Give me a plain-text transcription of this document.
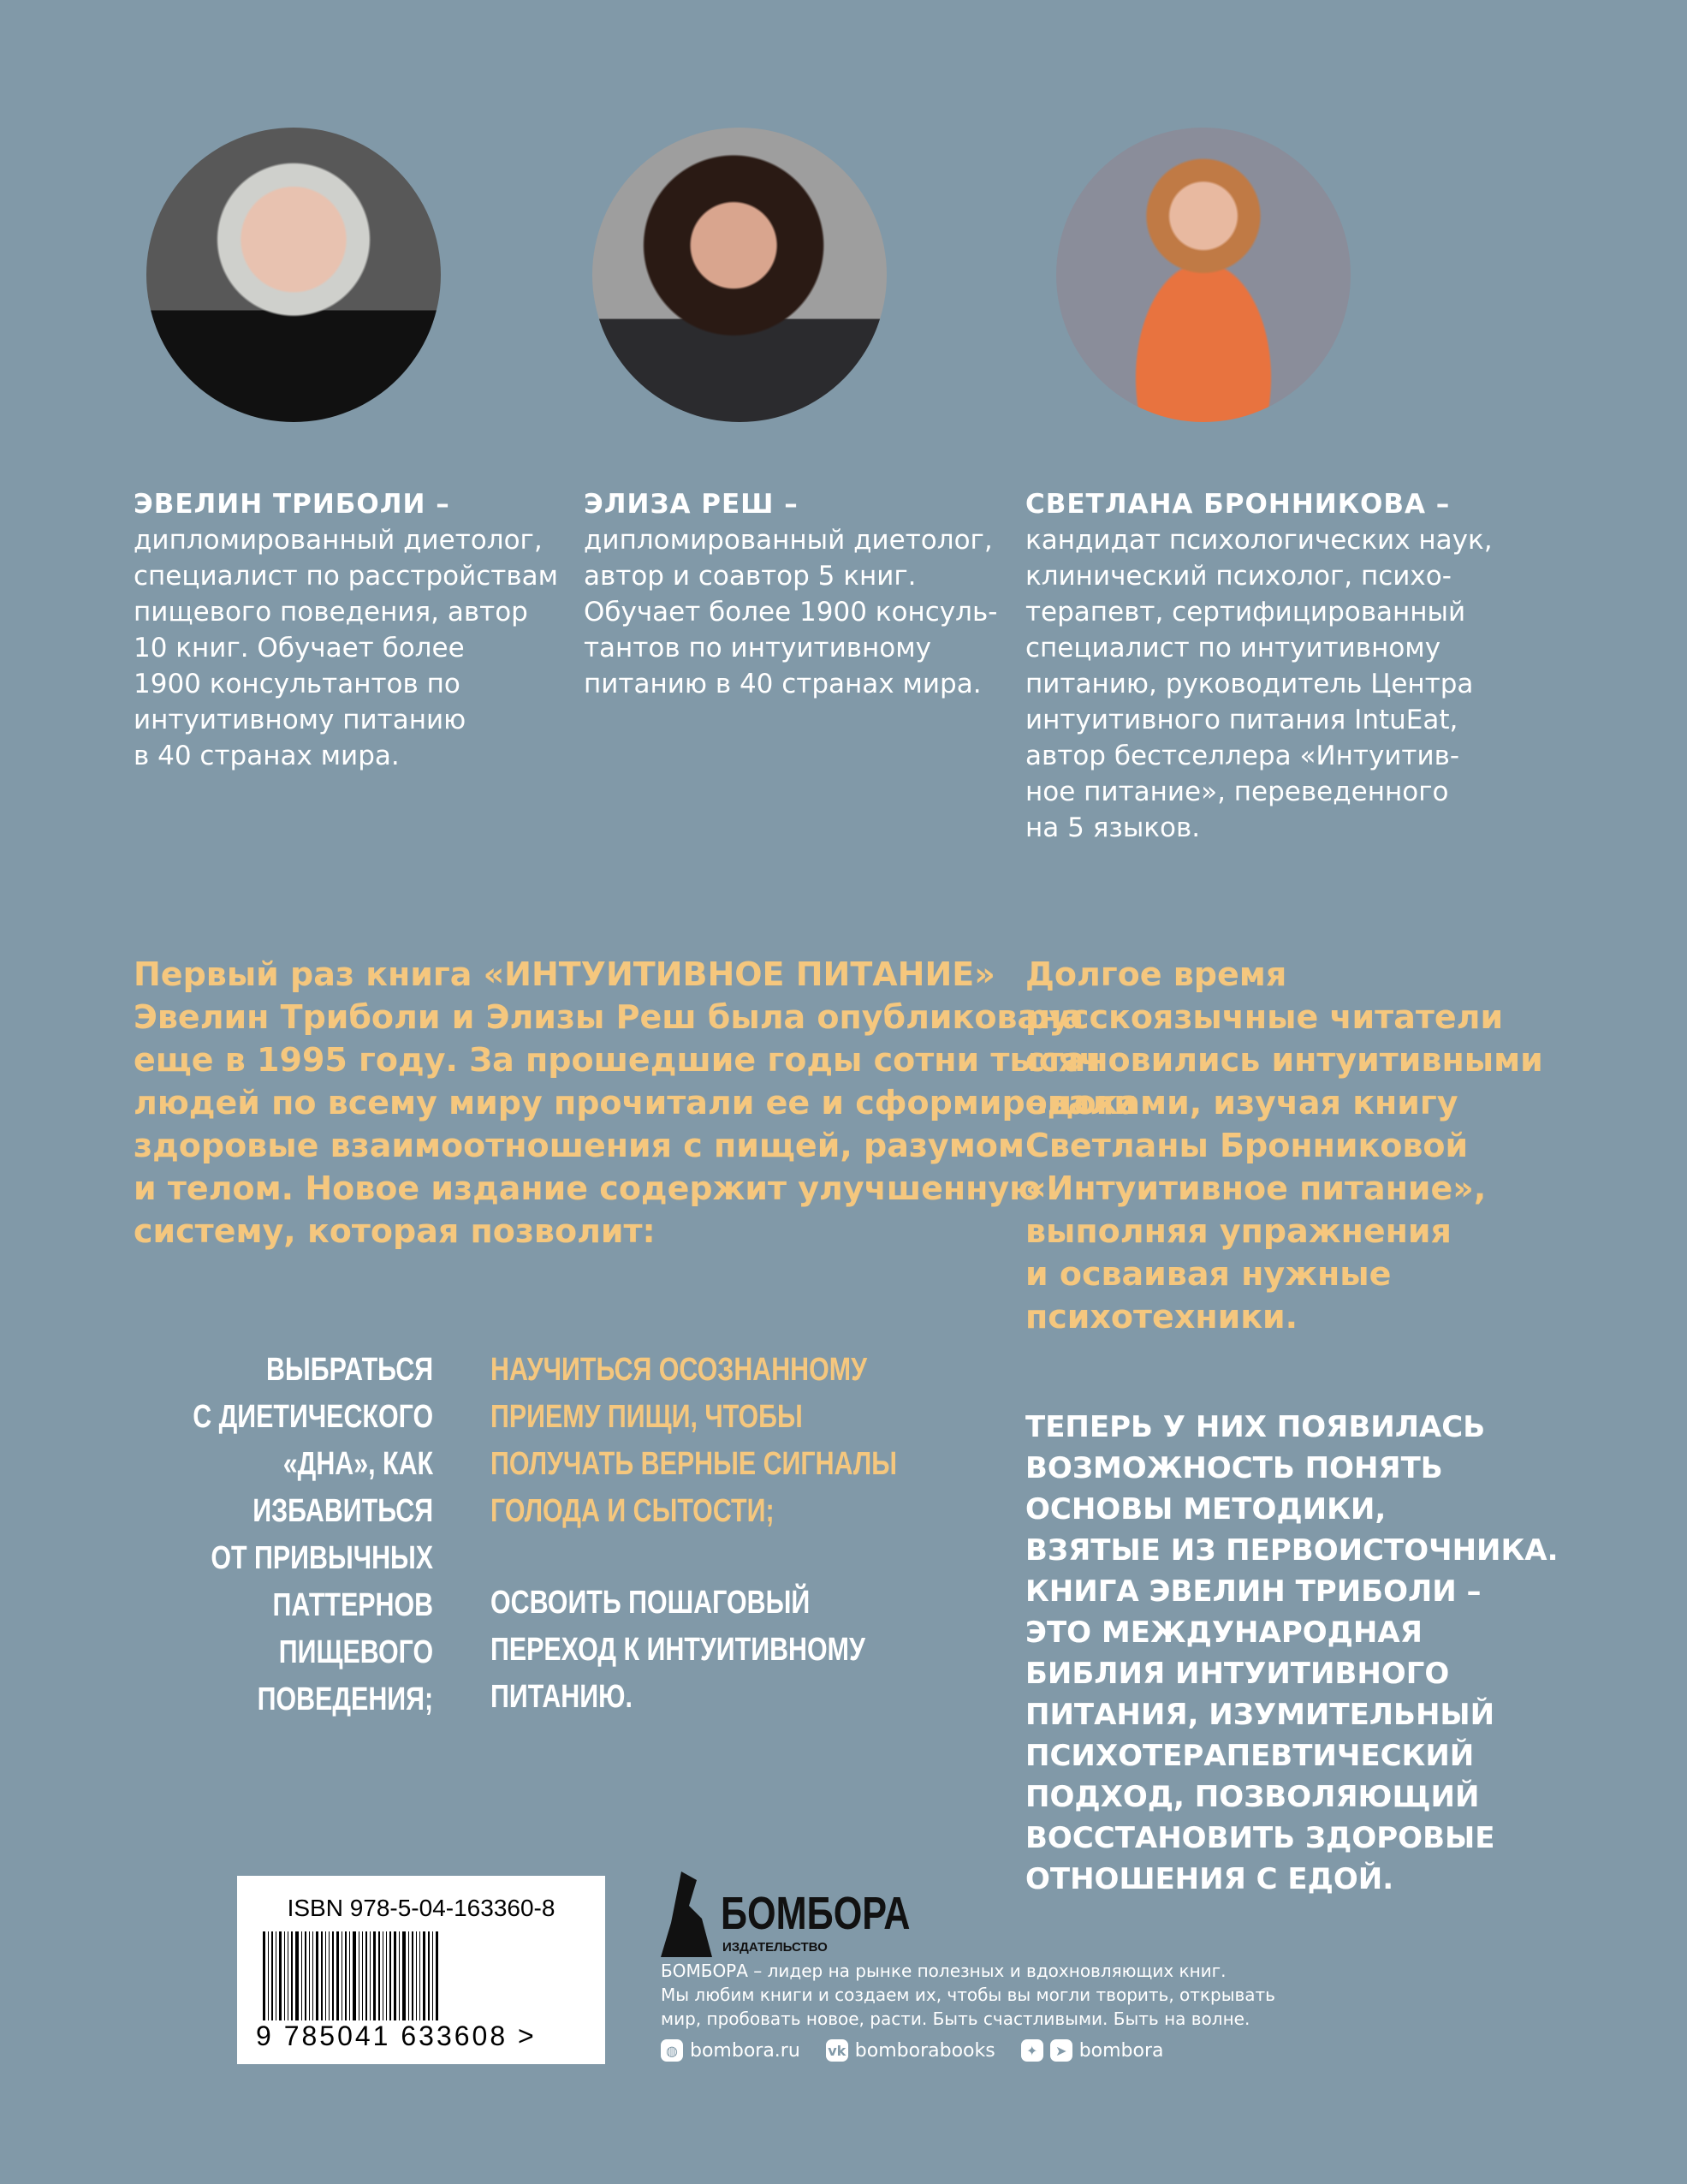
ЭВЕЛИН ТРИБОЛИ –
дипломированный диетолог,
специалист по расстройствам
пищевого поведения, автор
10 книг. Обучает более
1900 консультантов по
интуитивному питанию
в 40 странах мира.
ЭЛИЗА РЕШ –
дипломированный диетолог,
автор и соавтор 5 книг.
Обучает более 1900 консуль-
тантов по интуитивному
питанию в 40 странах мира.
СВЕТЛАНА БРОННИКОВА –
кандидат психологических наук,
клинический психолог, психо-
терапевт, сертифицированный
специалист по интуитивному
питанию, руководитель Центра
интуитивного питания IntuEat,
автор бестселлера «Интуитив-
ное питание», переведенного
на 5 языков.
Первый раз книга «ИНТУИТИВНОЕ ПИТАНИЕ»
Эвелин Триболи и Элизы Реш была опубликована
еще в 1995 году. За прошедшие годы сотни тысяч
людей по всему миру прочитали ее и сформировали
здоровые взаимоотношения с пищей, разумом
и телом. Новое издание содержит улучшенную
систему, которая позволит:
Долгое время
русскоязычные читатели
становились интуитивными
едоками, изучая книгу
Светланы Бронниковой
«Интуитивное питание»,
выполняя упражнения
и осваивая нужные
психотехники.
ВЫБРАТЬСЯ
С ДИЕТИЧЕСКОГО
«ДНА», КАК
ИЗБАВИТЬСЯ
ОТ ПРИВЫЧНЫХ
ПАТТЕРНОВ
ПИЩЕВОГО
ПОВЕДЕНИЯ;
НАУЧИТЬСЯ ОСОЗНАННОМУ
ПРИЕМУ ПИЩИ, ЧТОБЫ
ПОЛУЧАТЬ ВЕРНЫЕ СИГНАЛЫ
ГОЛОДА И СЫТОСТИ;
ОСВОИТЬ ПОШАГОВЫЙ
ПЕРЕХОД К ИНТУИТИВНОМУ
ПИТАНИЮ.
ТЕПЕРЬ У НИХ ПОЯВИЛАСЬ
ВОЗМОЖНОСТЬ ПОНЯТЬ
ОСНОВЫ МЕТОДИКИ,
ВЗЯТЫЕ ИЗ ПЕРВОИСТОЧНИКА.
КНИГА ЭВЕЛИН ТРИБОЛИ –
ЭТО МЕЖДУНАРОДНАЯ
БИБЛИЯ ИНТУИТИВНОГО
ПИТАНИЯ, ИЗУМИТЕЛЬНЫЙ
ПСИХОТЕРАПЕВТИЧЕСКИЙ
ПОДХОД, ПОЗВОЛЯЮЩИЙ
ВОССТАНОВИТЬ ЗДОРОВЫЕ
ОТНОШЕНИЯ С ЕДОЙ.
ISBN 978-5-04-163360-8
9 785041 633608 >
БОМБОРА
ИЗДАТЕЛЬСТВО
БОМБОРА – лидер на рынке полезных и вдохновляющих книг.
Мы любим книги и создаем их, чтобы вы могли творить, открывать
мир, пробовать новое, расти. Быть счастливыми. Быть на волне.
◍ bombora.ru vk bomborabooks	✦	➤ bombora
